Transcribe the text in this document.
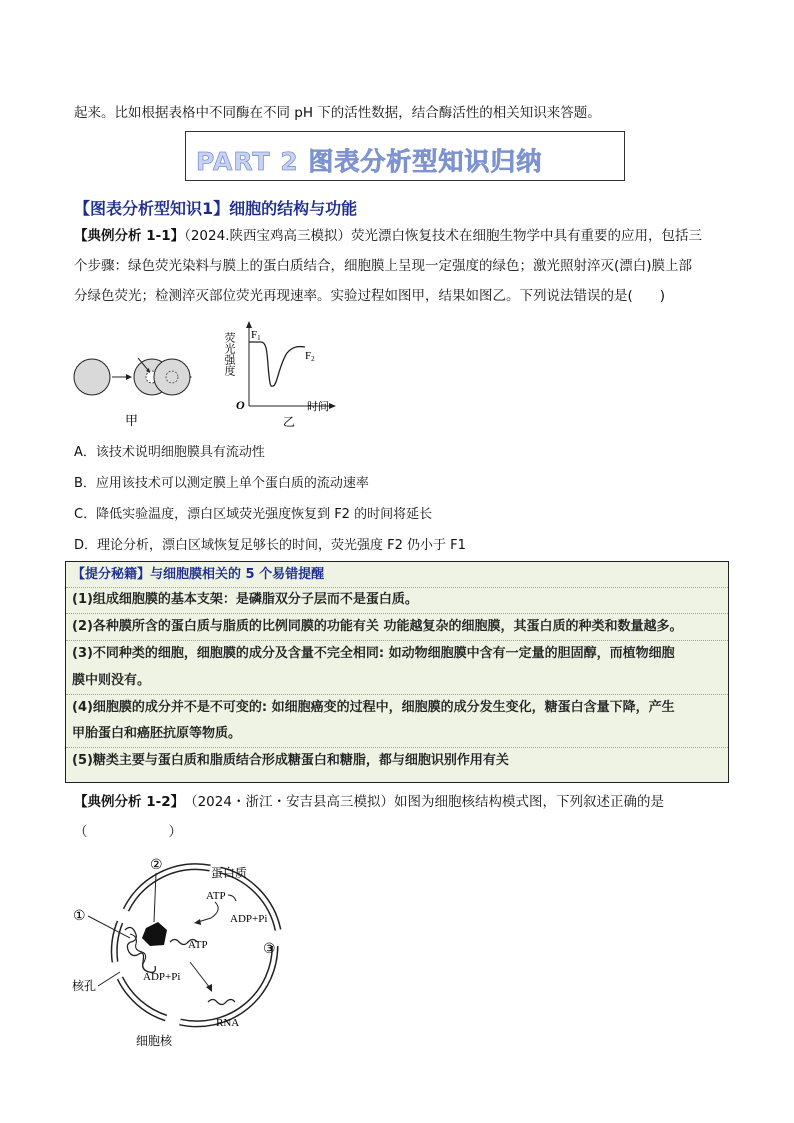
起来。比如根据表格中不同酶在不同 pH 下的活性数据，结合酶活性的相关知识来答题。
PART 2 图表分析型知识归纳
【图表分析型知识1】细胞的结构与功能
【典例分析 1-1】（2024.陕西宝鸡高三模拟）荧光漂白恢复技术在细胞生物学中具有重要的应用，包括三
个步骤：绿色荧光染料与膜上的蛋白质结合，细胞膜上呈现一定强度的绿色；激光照射淬灭(漂白)膜上部
分绿色荧光；检测淬灭部位荧光再现速率。实验过程如图甲，结果如图乙。下列说法错误的是(　　)
甲
荧光强度 F1
F2
O	时间
乙
A．该技术说明细胞膜具有流动性
B．应用该技术可以测定膜上单个蛋白质的流动速率
C．降低实验温度，漂白区域荧光强度恢复到 F2 的时间将延长
D．理论分析，漂白区域恢复足够长的时间，荧光强度 F2 仍小于 F1
【提分秘籍】与细胞膜相关的 5 个易错提醒
(1)组成细胞膜的基本支架：是磷脂双分子层而不是蛋白质。
(2)各种膜所含的蛋白质与脂质的比例同膜的功能有关 功能越复杂的细胞膜，其蛋白质的种类和数量越多。
(3)不同种类的细胞，细胞膜的成分及含量不完全相同: 如动物细胞膜中含有一定量的胆固醇，而植物细胞
膜中则没有。
(4)细胞膜的成分并不是不可变的: 如细胞癌变的过程中，细胞膜的成分发生变化，糖蛋白含量下降，产生
甲胎蛋白和癌胚抗原等物质。
(5)糖类主要与蛋白质和脂质结合形成糖蛋白和糖脂，都与细胞识别作用有关
【典例分析 1-2】　（2024・浙江・安吉县高三模拟）如图为细胞核结构模式图，下列叙述正确的是
（　　　　　　）
②
①
蛋白质
ATP
ADP+Pi
③
ATP
核孔
ADP+Pi
细胞核
RNA
